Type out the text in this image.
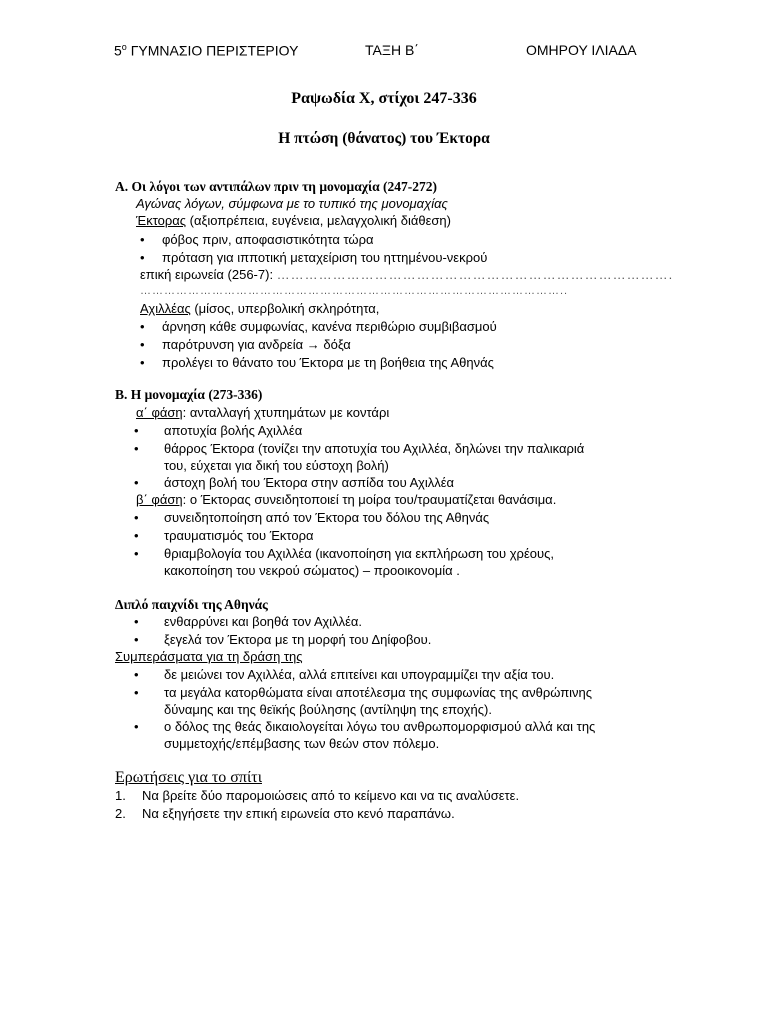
$5^o$ ΓΥΜΝΑΣΙΟ ΠΕΡΙΣΤΕΡΙΟΥ	ΤΑΞΗ Β΄	ΟΜΗΡΟΥ ΙΛΙΑΔΑ
Ραψωδία Χ, στίχοι 247-336
Η πτώση (θάνατος) του Έκτορα
Α. Οι λόγοι των αντιπάλων πριν τη μονομαχία (247-272)
Αγώνας λόγων, σύμφωνα με το τυπικό της μονομαχίας
Έκτορας (αξιοπρέπεια, ευγένεια, μελαγχολική διάθεση)
• φόβος πριν, αποφασιστικότητα τώρα
• πρόταση για ιπποτική μεταχείριση του ηττημένου-νεκρού
επική ειρωνεία (256-7): ………………………………………………………………………….
……………………………………………………………………………………………..
Αχιλλέας (μίσος, υπερβολική σκληρότητα,
• άρνηση κάθε συμφωνίας, κανένα περιθώριο συμβιβασμού
• παρότρυνση για ανδρεία → δόξα
• προλέγει το θάνατο του Έκτορα με τη βοήθεια της Αθηνάς
Β. Η μονομαχία (273-336)
α΄ φάση: ανταλλαγή χτυπημάτων με κοντάρι
• αποτυχία βολής Αχιλλέα
• θάρρος Έκτορα (τονίζει την αποτυχία του Αχιλλέα, δηλώνει την παλικαριά
του, εύχεται για δική του εύστοχη βολή)
• άστοχη βολή του Έκτορα στην ασπίδα του Αχιλλέα
β΄ φάση: ο Έκτορας συνειδητοποιεί τη μοίρα του/τραυματίζεται θανάσιμα.
• συνειδητοποίηση από τον Έκτορα του δόλου της Αθηνάς
• τραυματισμός του Έκτορα
• θριαμβολογία του Αχιλλέα (ικανοποίηση για εκπλήρωση του χρέους,
κακοποίηση του νεκρού σώματος) – προοικονομία .
Διπλό παιχνίδι της Αθηνάς
• ενθαρρύνει και βοηθά τον Αχιλλέα.
• ξεγελά τον Έκτορα με τη μορφή του Δηίφοβου.
Συμπεράσματα για τη δράση της
• δε μειώνει τον Αχιλλέα, αλλά επιτείνει και υπογραμμίζει την αξία του.
• τα μεγάλα κατορθώματα είναι αποτέλεσμα της συμφωνίας της ανθρώπινης
δύναμης και της θεϊκής βούλησης (αντίληψη της εποχής).
• ο δόλος της θεάς δικαιολογείται λόγω του ανθρωπομορφισμού αλλά και της
συμμετοχής/επέμβασης των θεών στον πόλεμο.
Ερωτήσεις για το σπίτι
1. Να βρείτε δύο παρομοιώσεις από το κείμενο και να τις αναλύσετε.
2. Να εξηγήσετε την επική ειρωνεία στο κενό παραπάνω.
